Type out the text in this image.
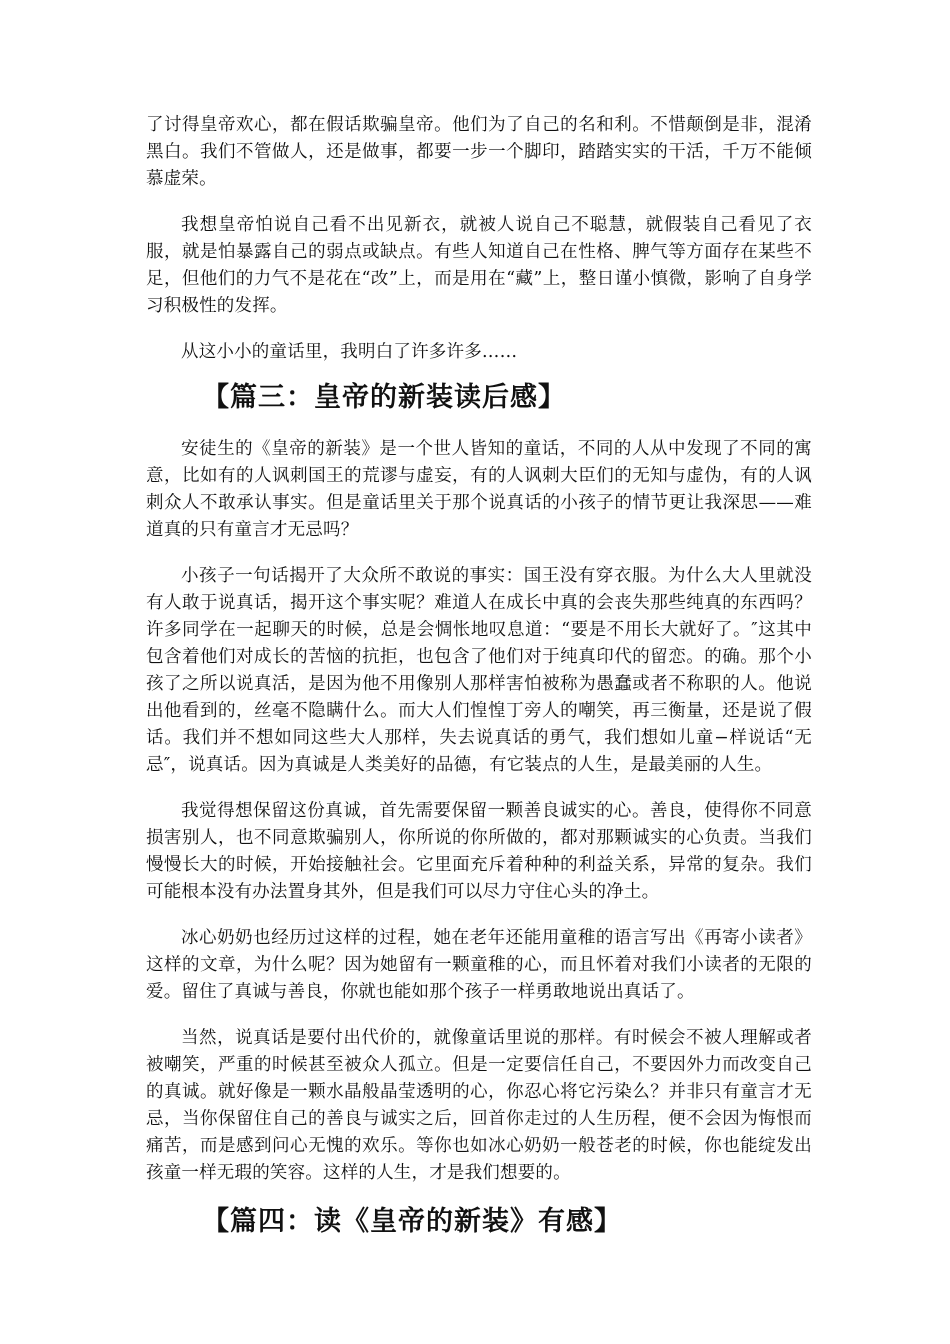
了讨得皇帝欢心，都在假话欺骗皇帝。他们为了自己的名和利。不惜颠倒是非，混淆黑白。我们不管做人，还是做事，都要一步一个脚印，踏踏实实的干活，千万不能倾慕虚荣。

我想皇帝怕说自己看不出见新衣，就被人说自己不聪慧，就假装自己看见了衣服，就是怕暴露自己的弱点或缺点。有些人知道自己在性格、脾气等方面存在某些不足，但他们的力气不是花在“改”上，而是用在“藏”上，整日谨小慎微，影响了自身学习积极性的发挥。

从这小小的童话里，我明白了许多许多……

【篇三：皇帝的新装读后感】

安徒生的《皇帝的新装》是一个世人皆知的童话，不同的人从中发现了不同的寓意，比如有的人讽刺国王的荒谬与虚妄，有的人讽刺大臣们的无知与虚伪，有的人讽刺众人不敢承认事实。但是童话里关于那个说真话的小孩子的情节更让我深思——难道真的只有童言才无忌吗？

小孩子一句话揭开了大众所不敢说的事实：国王没有穿衣服。为什么大人里就没有人敢于说真话，揭开这个事实呢？难道人在成长中真的会丧失那些纯真的东西吗？许多同学在一起聊天的时候，总是会惆怅地叹息道：“要是不用长大就好了。″这其中包含着他们对成长的苦恼的抗拒，也包含了他们对于纯真印代的留恋。的确。那个小孩了之所以说真活，是因为他不用像别人那样害怕被称为愚蠢或者不称职的人。他说出他看到的，丝毫不隐瞒什么。而大人们惶惶丁旁人的嘲笑，再三衡量，还是说了假话。我们并不想如同这些大人那样，失去说真话的勇气，我们想如儿童−样说话“无忌″，说真话。因为真诚是人类美好的品德，有它装点的人生，是最美丽的人生。

我觉得想保留这份真诚，首先需要保留一颗善良诚实的心。善良，使得你不同意损害别人，也不同意欺骗别人，你所说的你所做的，都对那颗诚实的心负责。当我们慢慢长大的时候，开始接触社会。它里面充斥着种种的利益关系，异常的复杂。我们可能根本没有办法置身其外，但是我们可以尽力守住心头的净土。

冰心奶奶也经历过这样的过程，她在老年还能用童稚的语言写出《再寄小读者》这样的文章，为什么呢？因为她留有一颗童稚的心，而且怀着对我们小读者的无限的爱。留住了真诚与善良，你就也能如那个孩子一样勇敢地说出真话了。

当然，说真话是要付出代价的，就像童话里说的那样。有时候会不被人理解或者被嘲笑，严重的时候甚至被众人孤立。但是一定要信任自己，不要因外力而改变自己的真诚。就好像是一颗水晶般晶莹透明的心，你忍心将它污染么？并非只有童言才无忌，当你保留住自己的善良与诚实之后，回首你走过的人生历程，便不会因为悔恨而痛苦，而是感到问心无愧的欢乐。等你也如冰心奶奶一般苍老的时候，你也能绽发出孩童一样无瑕的笑容。这样的人生，才是我们想要的。

【篇四：读《皇帝的新装》有感】
